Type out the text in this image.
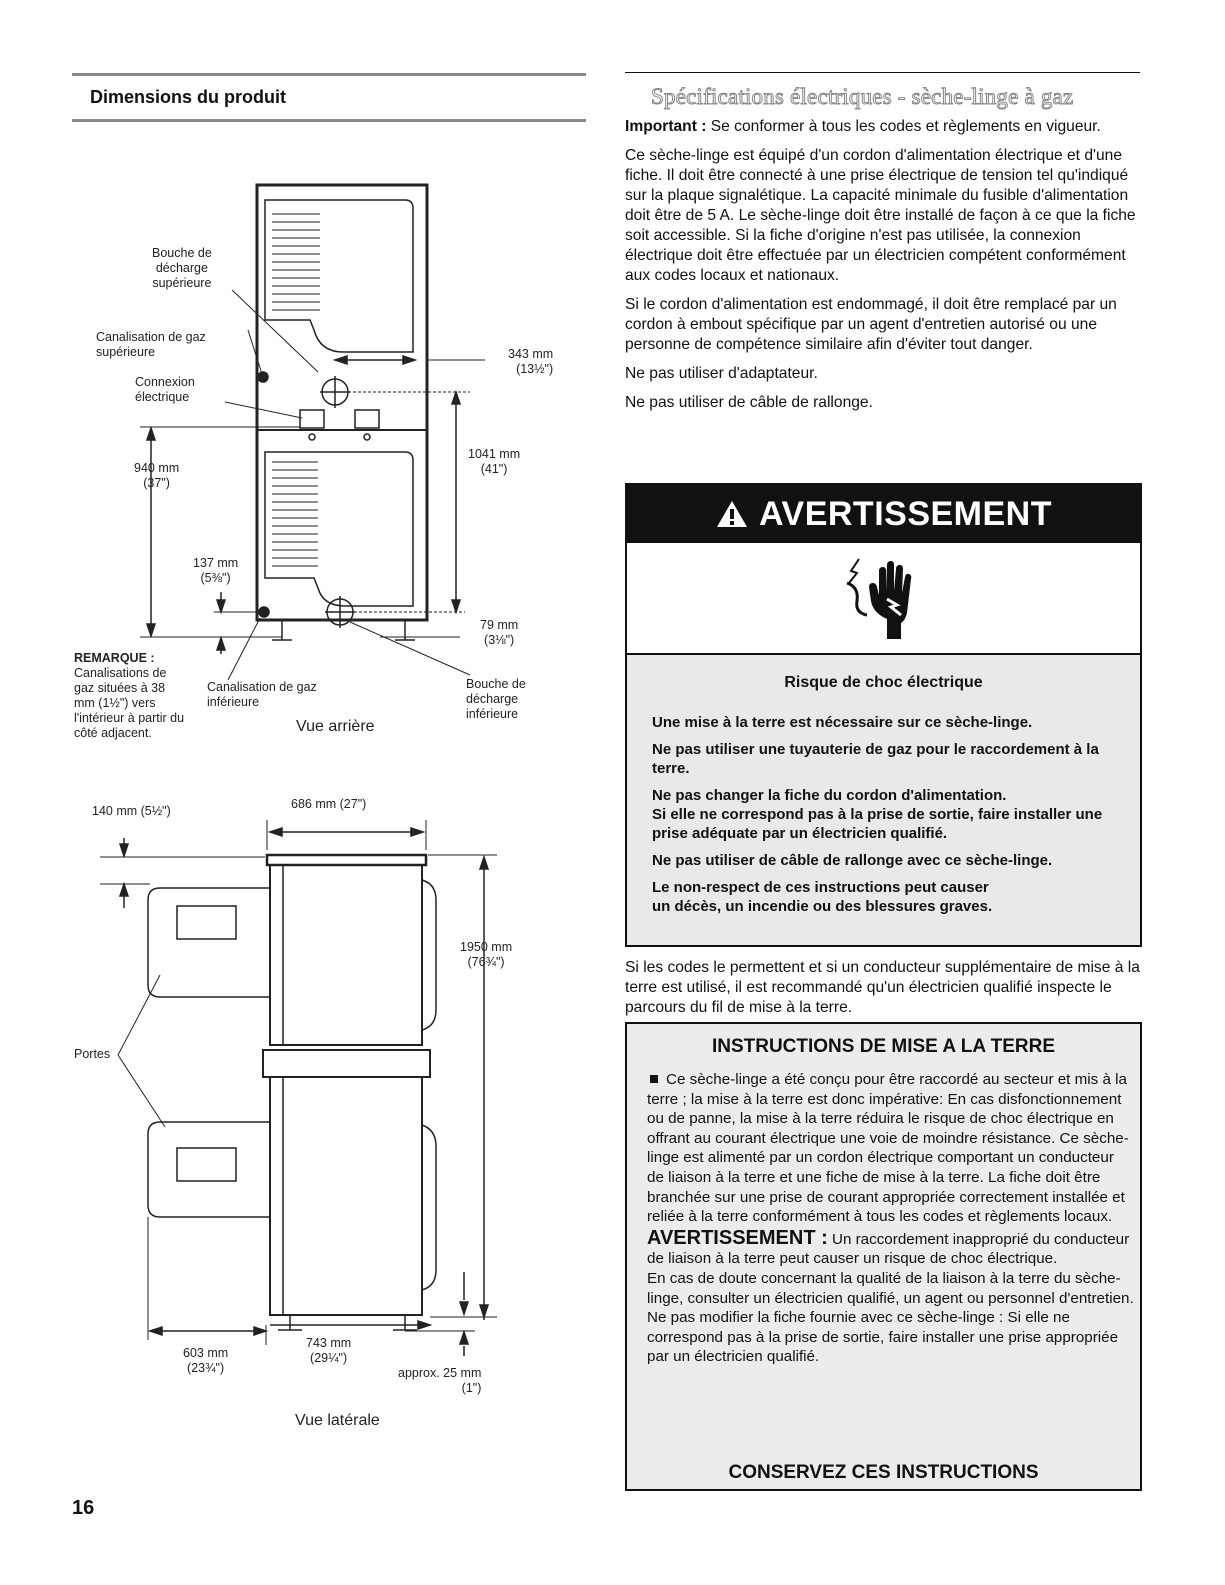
Dimensions du produit
Bouche de
décharge
supérieure
Canalisation de gaz
supérieure
Connexion
électrique
940 mm
(37")
137 mm
(5⅜")
343 mm
(13½")
1041 mm
(41")
79 mm
(3⅛")
Canalisation de gaz
inférieure
Bouche de
décharge
inférieure
REMARQUE :
Canalisations de
gaz situées à 38
mm (1½") vers
l'intérieur à partir du
côté adjacent.	Vue arrière
140 mm (5½")	686 mm (27")
1950 mm
(76¾")
Portes
603 mm
(23¾")
743 mm
(29¼")
approx. 25 mm
(1")
Vue latérale
16
Spécifications électriques - sèche-linge à gaz

Important : Se conformer à tous les codes et règlements en vigueur.

Ce sèche-linge est équipé d'un cordon d'alimentation électrique et d'une fiche. Il doit être connecté à une prise électrique de tension tel qu'indiqué sur la plaque signalétique. La capacité minimale du fusible d'alimentation doit être de 5 A. Le sèche-linge doit être installé de façon à ce que la fiche soit accessible. Si la fiche d'origine n'est pas utilisée, la connexion électrique doit être effectuée par un électricien compétent conformément aux codes locaux et nationaux.

Si le cordon d'alimentation est endommagé, il doit être remplacé par un cordon à embout spécifique par un agent d'entretien autorisé ou une personne de compétence similaire afin d'éviter tout danger.

Ne pas utiliser d'adaptateur.

Ne pas utiliser de câble de rallonge.

AVERTISSEMENT
Risque de choc électrique

Une mise à la terre est nécessaire sur ce sèche-linge.

Ne pas utiliser une tuyauterie de gaz pour le raccordement à la terre.

Ne pas changer la fiche du cordon d'alimentation.
Si elle ne correspond pas à la prise de sortie, faire installer une prise adéquate par un électricien qualifié.

Ne pas utiliser de câble de rallonge avec ce sèche-linge.

Le non-respect de ces instructions peut causer
un décès, un incendie ou des blessures graves.

Si les codes le permettent et si un conducteur supplémentaire de mise à la terre est utilisé, il est recommandé qu'un électricien qualifié inspecte le parcours du fil de mise à la terre.

INSTRUCTIONS DE MISE A LA TERRE

Ce sèche-linge a été conçu pour être raccordé au secteur et mis à la terre ; la mise à la terre est donc impérative: En cas disfonctionnement ou de panne, la mise à la terre réduira le risque de choc électrique en offrant au courant électrique une voie de moindre résistance. Ce sèche-linge est alimenté par un cordon électrique comportant un conducteur de liaison à la terre et une fiche de mise à la terre. La fiche doit être branchée sur une prise de courant appropriée correctement installée et reliée à la terre conformément à tous les codes et règlements locaux.

AVERTISSEMENT : Un raccordement inapproprié du conducteur de liaison à la terre peut causer un risque de choc électrique.

En cas de doute concernant la qualité de la liaison à la terre du sèche-linge, consulter un électricien qualifié, un agent ou personnel d'entretien. Ne pas modifier la fiche fournie avec ce sèche-linge : Si elle ne correspond pas à la prise de sortie, faire installer une prise appropriée par un électricien qualifié.

CONSERVEZ CES INSTRUCTIONS
